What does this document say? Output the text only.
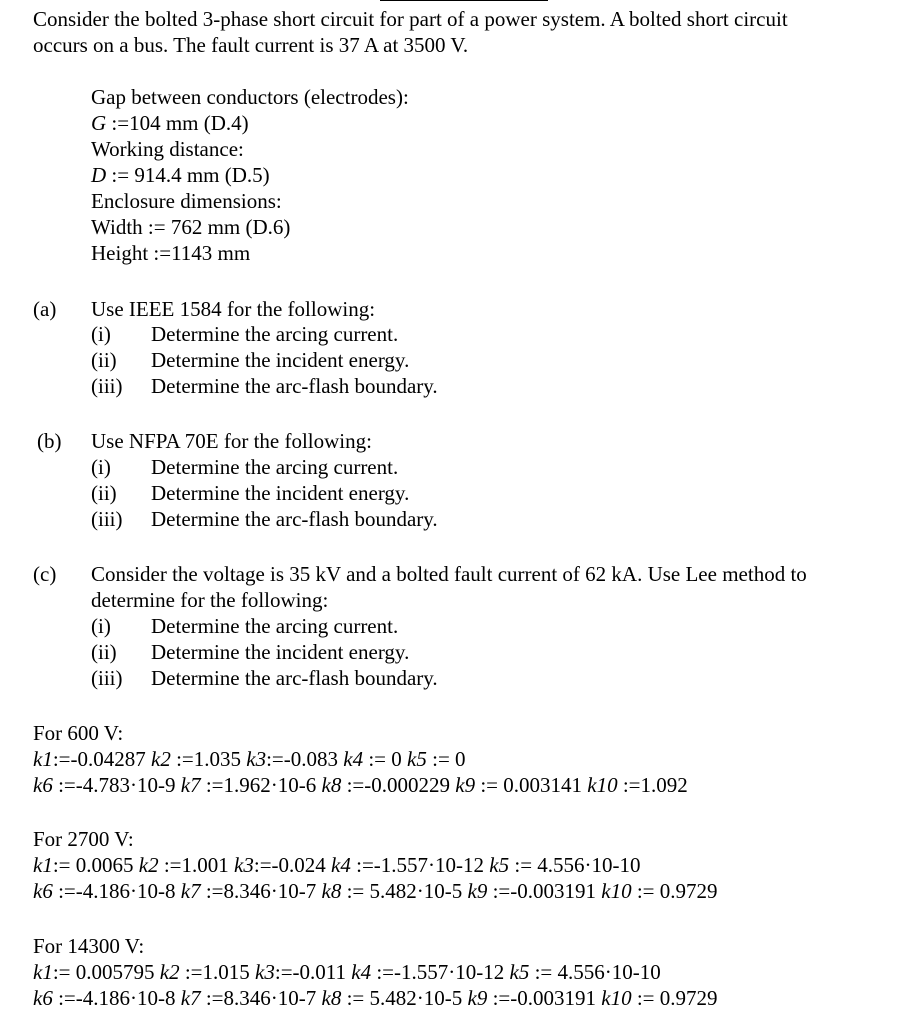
Consider the bolted 3-phase short circuit for part of a power system. A bolted short circuit
occurs on a bus. The fault current is 37 A at 3500 V.
Gap between conductors (electrodes):
G :=104 mm (D.4)
Working distance:
D := 914.4 mm (D.5)
Enclosure dimensions:
Width := 762 mm (D.6)
Height :=1143 mm
(a) Use IEEE 1584 for the following:
(i) Determine the arcing current.
(ii) Determine the incident energy.
(iii) Determine the arc-flash boundary.
(b) Use NFPA 70E for the following:
(i) Determine the arcing current.
(ii) Determine the incident energy.
(iii) Determine the arc-flash boundary.
(c) Consider the voltage is 35 kV and a bolted fault current of 62 kA. Use Lee method to
determine for the following:
(i) Determine the arcing current.
(ii) Determine the incident energy.
(iii) Determine the arc-flash boundary.
For 600 V:
k1:=-0.04287 k2 :=1.035 k3:=-0.083 k4 := 0 k5 := 0
k6 :=-4.783·10-9 k7 :=1.962·10-6 k8 :=-0.000229 k9 := 0.003141 k10 :=1.092
For 2700 V:
k1:= 0.0065 k2 :=1.001 k3:=-0.024 k4 :=-1.557·10-12 k5 := 4.556·10-10
k6 :=-4.186·10-8 k7 :=8.346·10-7 k8 := 5.482·10-5 k9 :=-0.003191 k10 := 0.9729
For 14300 V:
k1:= 0.005795 k2 :=1.015 k3:=-0.011 k4 :=-1.557·10-12 k5 := 4.556·10-10
k6 :=-4.186·10-8 k7 :=8.346·10-7 k8 := 5.482·10-5 k9 :=-0.003191 k10 := 0.9729
